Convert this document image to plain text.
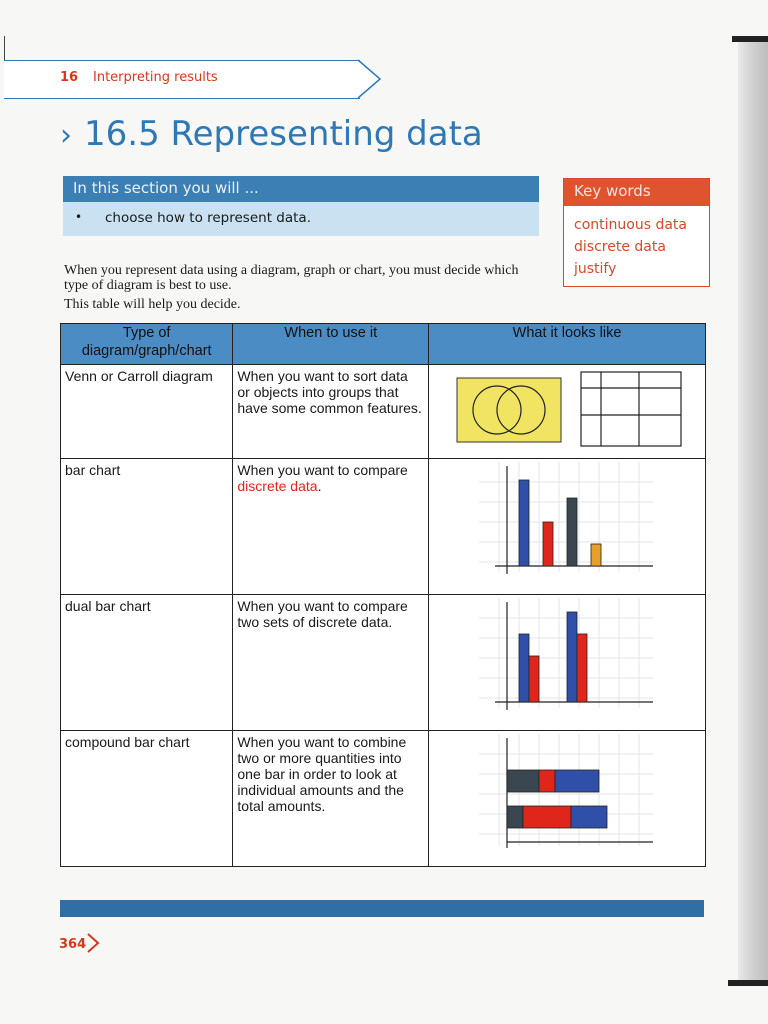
16 Interpreting results
› 16.5 Representing data
In this section you will ...
• choose how to represent data.
Key words
continuous data
discrete data
justify

When you represent data using a diagram, graph or chart, you must decide which type of diagram is best to use.

This table will help you decide.

Type of diagram/graph/chart	When to use it	What it looks like
Venn or Carroll diagram	When you want to sort data or objects into groups that have some common features.	
bar chart	When you want to compare discrete data.	
dual bar chart	When you want to compare two sets of discrete data.	
compound bar chart	When you want to combine two or more quantities into one bar in order to look at individual amounts and the total amounts.	
364
